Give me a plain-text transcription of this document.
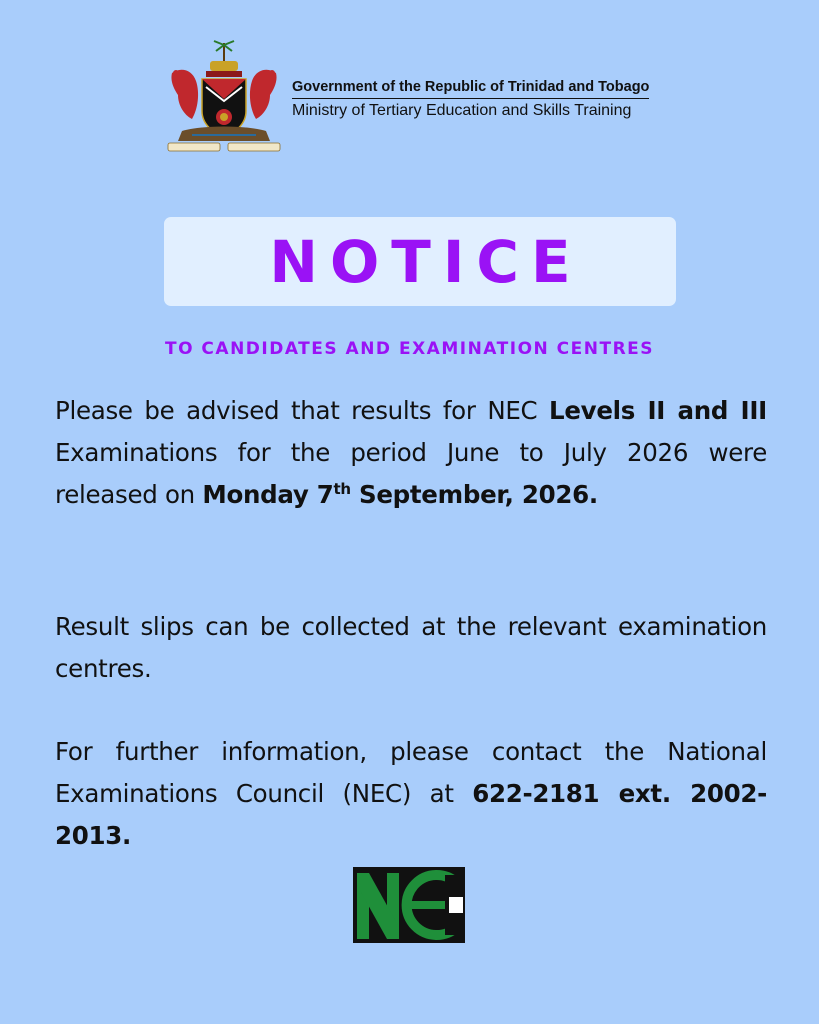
Government of the Republic of Trinidad and Tobago
Ministry of Tertiary Education and Skills Training
NOTICE
TO CANDIDATES AND EXAMINATION CENTRES
Please be advised that results for NEC Levels II and III Examinations for the period June to July 2026 were released on Monday 7th September, 2026.
Result slips can be collected at the relevant examination centres.
For further information, please contact the National Examinations Council (NEC) at 622-2181 ext. 2002-2013.
